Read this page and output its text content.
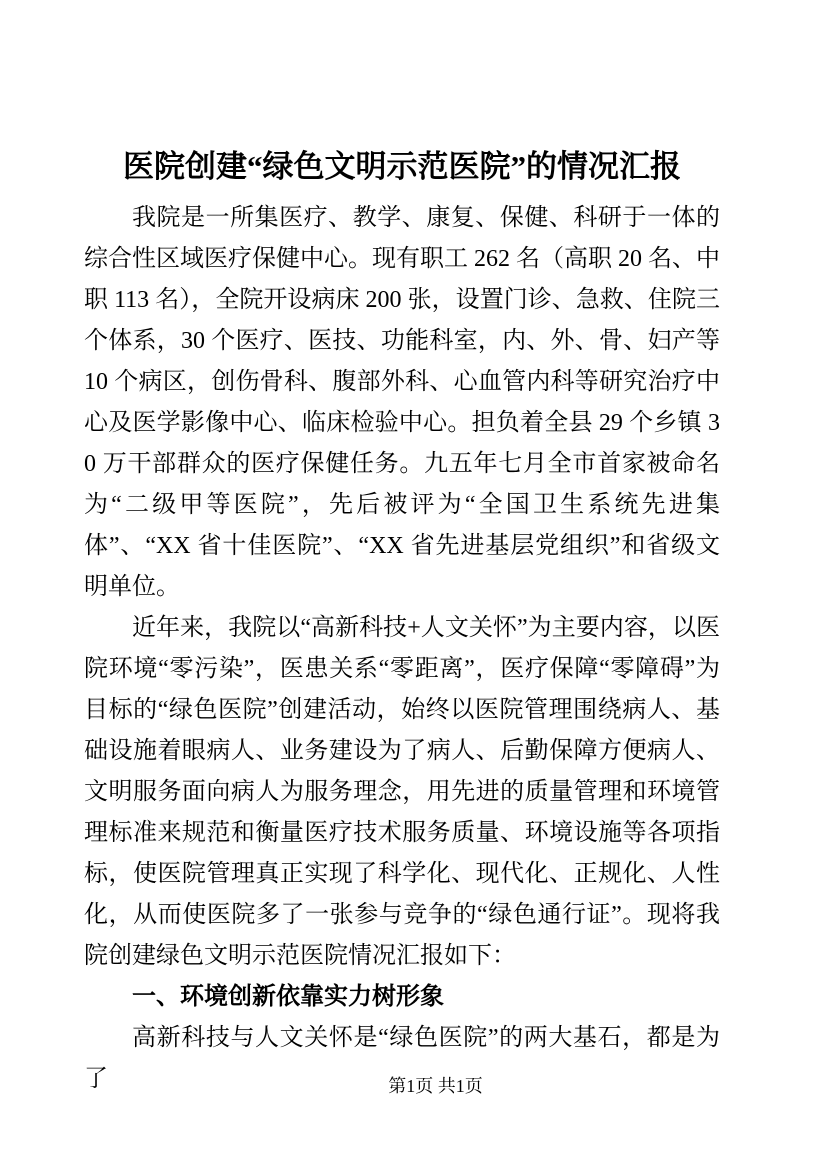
医院创建“绿色文明示范医院”的情况汇报

我院是一所集医疗、教学、康复、保健、科研于一体的综合性区域医疗保健中心。现有职工 262 名（高职 20 名、中职 113 名），全院开设病床 200 张，设置门诊、急救、住院三个体系，30 个医疗、医技、功能科室，内、外、骨、妇产等 10 个病区，创伤骨科、腹部外科、心血管内科等研究治疗中心及医学影像中心、临床检验中心。担负着全县 29 个乡镇 30 万干部群众的医疗保健任务。九五年七月全市首家被命名为“二级甲等医院”，先后被评为“全国卫生系统先进集体”、“XX 省十佳医院”、“XX 省先进基层党组织”和省级文明单位。

近年来，我院以“高新科技+人文关怀”为主要内容，以医院环境“零污染”，医患关系“零距离”，医疗保障“零障碍”为目标的“绿色医院”创建活动，始终以医院管理围绕病人、基础设施着眼病人、业务建设为了病人、后勤保障方便病人、文明服务面向病人为服务理念，用先进的质量管理和环境管理标准来规范和衡量医疗技术服务质量、环境设施等各项指标，使医院管理真正实现了科学化、现代化、正规化、人性化，从而使医院多了一张参与竞争的“绿色通行证”。现将我院创建绿色文明示范医院情况汇报如下：

一、环境创新依靠实力树形象

高新科技与人文关怀是“绿色医院”的两大基石，都是为了	第1页 共1页
